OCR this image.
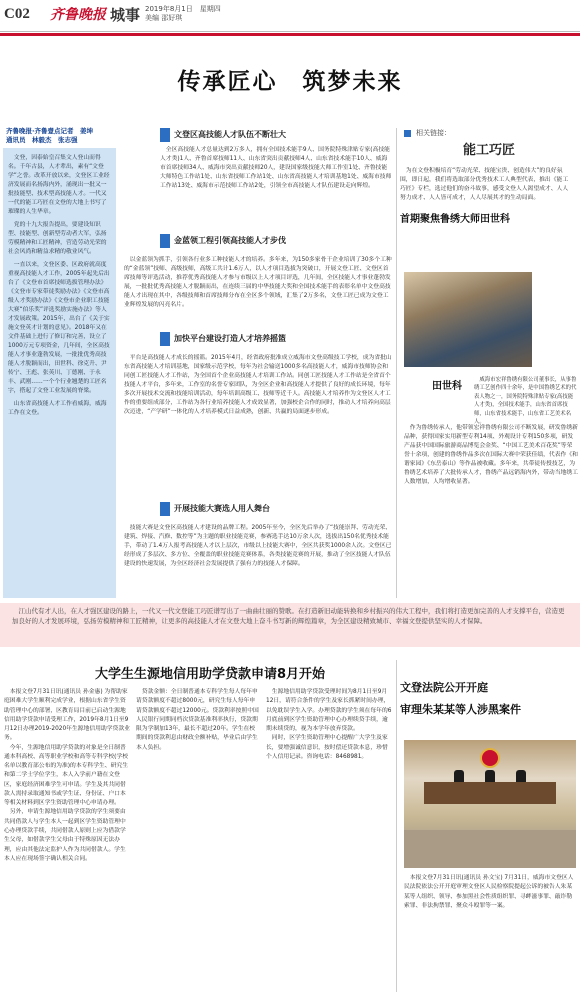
C02 齐鲁晚报 城事 2019年8月1日　星期四
美编 邵好琪
传承匠心　筑梦未来
齐鲁晚报·齐鲁壹点记者　姜坤
通讯员　林毅杰　张志强

文登，因泰始皇召集文人登山而得名。千年古县，人才辈出，素有“文登学”之誉。改革开放以来，文登区工业经济发展而名扬海内外，涌现出一批又一批技能型、技术型高技能人才。一代又一代的能工巧匠在文登的大地上书写了璀璨的人生华章。

党的十九大报告提出，要建设知识型、技能型、创新型劳动者大军，弘扬劳模精神和工匠精神，营造劳动光荣的社会风尚和精益求精的敬业风气。

一直以来，文登区委、区政府就高度重视高技能人才工作，2005年起先后出台了《文登市首席技师选拔管理办法》《文登市专家带徒奖励办法》《文登市高级人才奖励办法》《文登市企业职工技能大赛“伯乐奖”评选奖励实施办法》等人才发展政策。2015年，出台了《关于实施文登英才计划的意见》。2018年又在文件基础上进行了修订和完善，设立了1000万元专项资金，几年间，全区高技能人才事业蓬勃发展，一批批优秀高技能人才脱颖而出，田世科、徐克升、尹传宁、王彪、张英川、丁德刚、于永丰、武刚……一个个行业翘楚的工匠名字，搭起了文登工业发展的脊梁。

山东省高技能人才工作看威海，威海工作在文登。

文登区高技能人才队伍不断壮大
全区高技能人才总量达到2万多人，拥有全国技术能手9人、国务院特殊津贴专家(高技能人才类)1人、齐鲁首席技师11人、山东省突出贡献技师4人、山东省技术能手10人、威海市首席技师34人、威海市突出贡献技师20人，建设国家级技能大师工作室1处、齐鲁技能大师特色工作站1处、山东省技师工作站1处、山东省高技能人才培训基地1处、威海市技师工作站13处、威海市示范技师工作站2处，引领全市高技能人才队伍建设走向辉煌。
金蓝领工程引领高技能人才步伐
以金蓝领为抓手，引领各行业多工种技能人才的培养。多年来，为150多家骨干企业培训了30多个工种的“金蓝领”技师、高级技师，高级工共计1.6万人，以人才项目选拔为突破口，开展文登工匠、文登区首席技师等评选活动，推荐优秀高技能人才参与市级以上人才项目评选，几年间，全区技能人才事业蓬勃发展，一批批优秀高技能人才脱颖而出，在连续三届的中华技能大奖和全国技术能手的表彰名单中文登高技能人才出现在其中，各级技师和首席技师分布在全区多个领域，汇集了2万多名，文登工匠已成为文登工业辉煌发展的闪亮名片。
加快平台建设打造人才培养摇篮
平台是高技能人才成长的摇篮。2015年4月，经省政府批准成立威海市文登高级技工学校，成为省批山东省高技能人才培训基地，国家级示范学校，每年为社会输送1000多名高技能人才，威海市技师协会和同创工匠技能人才工作站，为全国首个企业高技能人才培训工作站。同创工匠技能人才工作站是全省首个技能人才平台，多年来，工作室的名誉专家团队，为全区企业和高技能人才提供了良好的成长环境，每年多次开展技术交流和技能培训活动，每年培训高级工、技师等近千人。高技能人才培养作为文登区人才工作的重要组成部分，工作站为各行业培养技能人才成效显著，加强校企合作的同时，推动人才培养向高层次迈进，“产学研”一体化的人才培养模式日益成熟，创新、共赢的局面逐步形成。
开展技能大赛选人用人舞台
技能大赛是文登区高技能人才建设的品牌工程。2005年至今，全区先后举办了“技能崇拜、劳动光荣、建筑、焊接、汽修、数控等”为主题的职业技能竞赛，参赛选手达10万余人次，选拔出150名优秀技术能手，带动了1.4万人报考高技能人才以上层次，市级以上技能大赛中，全区共获奖1000余人次。文登区已经形成了多层次、多方位、全覆盖的职业技能竞赛体系，各类技能竞赛的开展，推动了全区技能人才队伍建设的快速发展，为全区经济社会发展提供了强有力的技能人才保障。
相关链接：
能工巧匠
为在文登积极培育“劳动光荣、技能宝贵、创造伟大”的良好氛围，即日起，我们将选取部分优秀技术工人典型代表，推出《能工巧匠》专栏，选过他们的奋斗故事，感受文登人人渴望成才、人人努力成才、人人皆可成才，人人尽展其才的生动局面。
首期聚焦鲁绣大师田世科
田世科
威海市宏祥鲁绣有限公司董事长，从事鲁绣工艺创作四十余年，是中国鲁绣艺术的代表人物之一，国务院特殊津贴专家(高技能人才类)，全国技术能手，山东省首席技师，山东省技术能手，山东省工艺美术名人。
作为鲁绣传承人，他带领宏祥鲁绣有限公司不断发展，研发鲁绣新品种，获得国家实用新型专利14项、外观设计专利150多项，研发产品获中国国际旅游商品博览会金奖、“中国工艺美术百花奖”等荣誉十余项，创建的鲁绣作品多次在国际大赛中荣获佳绩，代表作《和谐家园》《东岳泰山》等作品被收藏。多年来，共带徒传授技艺，为鲁绣艺术培养了大批传承人才，鲁绣产品远销海内外，带动当地绣工人数增加，人均增收显著。

江山代有才人出，在人才强区建设的路上，一代又一代文登能工巧匠谱写出了一曲曲壮丽的赞歌。在打造新旧动能转换和乡村振兴的伟大工程中，我们将打造更加完善的人才支撑平台，营造更加良好的人才发展环境，弘扬劳模精神和工匠精神，让更多的高技能人才在文登大地上奋斗书写新的辉煌篇章，为全区建设精致城市、幸福文登提供坚实的人才保障。

大学生生源地信用助学贷款申请8月开始
本报文登7月31日讯(通讯员 孙金惠) 为帮助家庭困难大学生顺利完成学业，根据山东省学生资助管理中心的部署，区教育局目前已启动生源地信用助学贷款申请受理工作，2019年8月1日至9月12日办理2019-2020年生源地信用助学贷款业务。
今年，生源地信用助学贷款的对象是全日制普通本科高校、高等职业学校和高等专科学校(学校名单以教育部公布的为准)的本专科学生、研究生和第二学士学位学生，本人入学前户籍在文登区，家庭经济困难学生可申请。学生及其共同借款人需持录取通知书或学生证、身份证、户口本等相关材料到区学生资助管理中心申请办理。
另外，申请生源地信用助学贷款的学生须要由共同借款人与学生本人一起到区学生资助管理中心办理贷款手续，共同借款人原则上应为借款学生父母，如借款学生父母由于特殊原因无法办理，应由其他法定监护人作为共同借款人。学生本人应在现场签字确认相关合同。
贷款金额：全日制普通本专科学生每人每年申请贷款额度不超过8000元，研究生每人每年申请贷款额度不超过12000元。贷款利率按照中国人民银行同期同档次贷款基准利率执行，贷款期限为学制加13年，最长不超过20年。学生在校期间的贷款利息由财政全额补贴，毕业后由学生本人负担。
生源地信用助学贷款受理时间为8月1日至9月12日，请符合条件的学生及家长抓紧时间办理，以免耽误学生入学。办理贷款的学生须在每年的6月底前到区学生资助管理中心办理续贷手续，逾期未续贷的，视为本学年放弃贷款。
同时，区学生资助管理中心提醒广大学生及家长，要增强诚信意识，按时偿还贷款本息，珍惜个人信用记录。咨询电话：8468981。
文登法院公开开庭
审理朱某某等人涉黑案件
本报文登7月31日讯(通讯员 孙文宝) 7月31日，威海市文登区人民法院依法公开开庭审理文登区人民检察院提起公诉的被告人朱某某等人组织、领导、参加黑社会性质组织罪、寻衅滋事罪、敲诈勒索罪、非法拘禁罪、聚众斗殴罪等一案。
